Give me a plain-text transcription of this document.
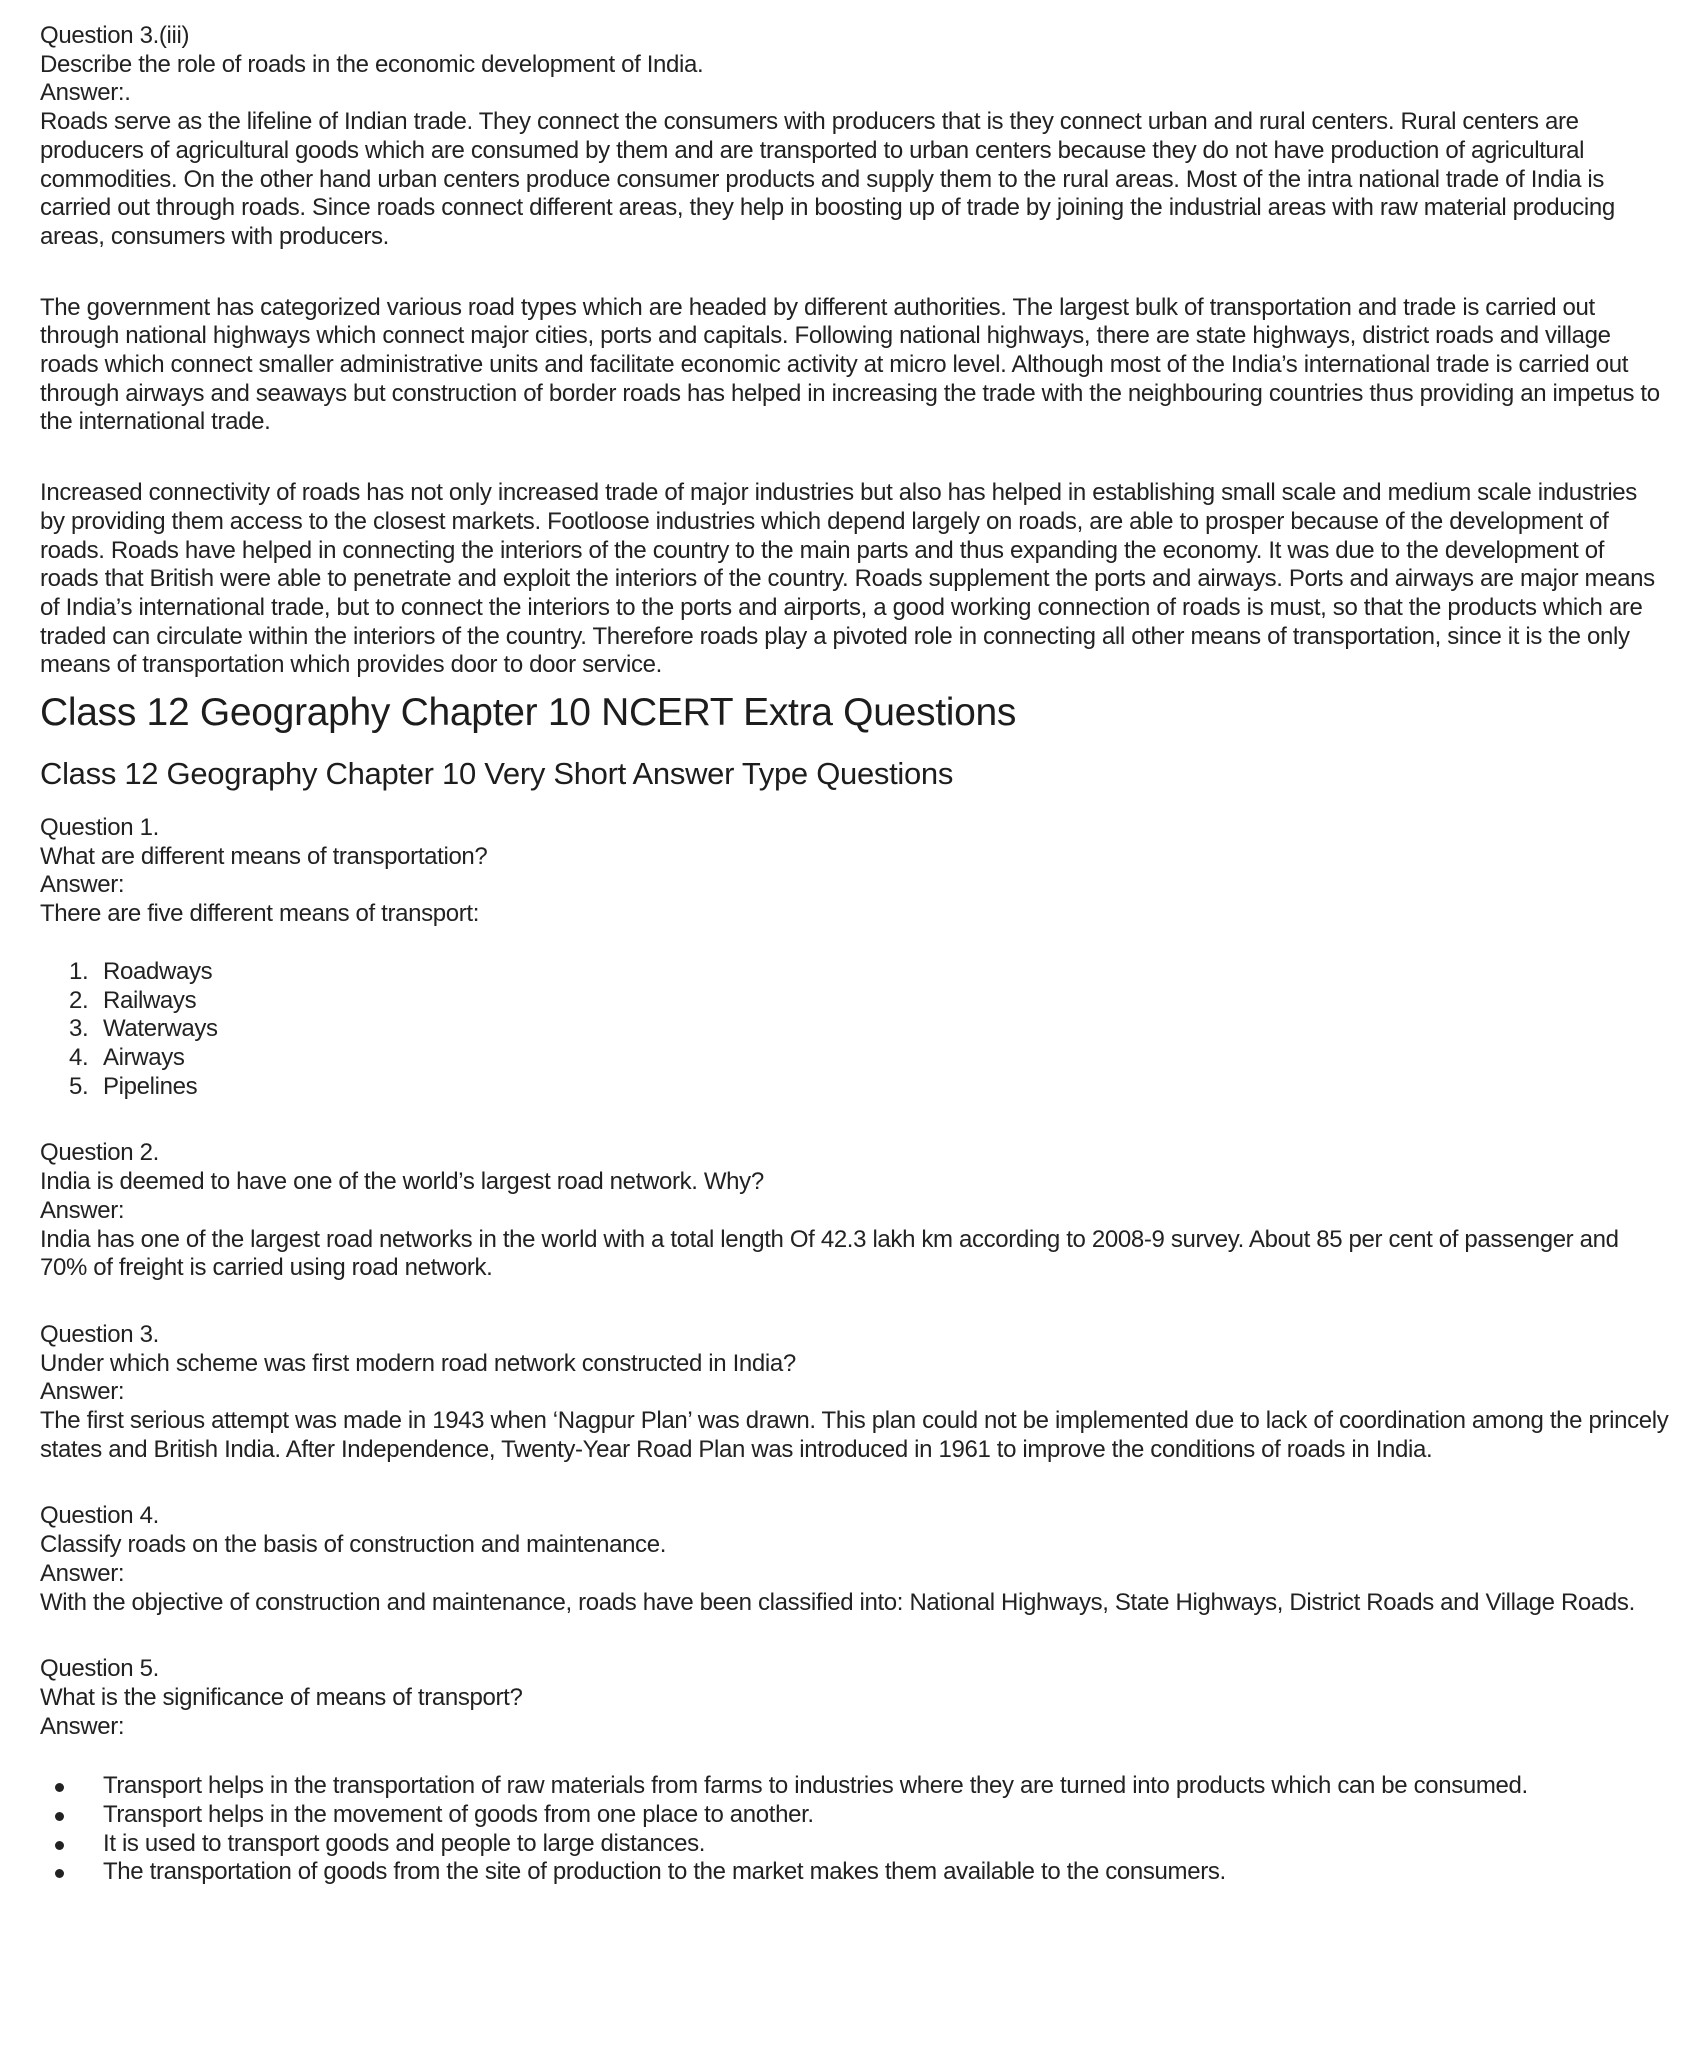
Question 3.(iii)
Describe the role of roads in the economic development of India.
Answer:.

Roads serve as the lifeline of Indian trade. They connect the consumers with producers that is they connect urban and rural centers. Rural centers are producers of agricultural goods which are consumed by them and are transported to urban centers because they do not have production of agricultural commodities. On the other hand urban centers produce consumer products and supply them to the rural areas. Most of the intra national trade of India is carried out through roads. Since roads connect different areas, they help in boosting up of trade by joining the industrial areas with raw material producing areas, consumers with producers.

The government has categorized various road types which are headed by different authorities. The largest bulk of transportation and trade is carried out through national highways which connect major cities, ports and capitals. Following national highways, there are state highways, district roads and village roads which connect smaller administrative units and facilitate economic activity at micro level. Although most of the India’s international trade is carried out through airways and seaways but construction of border roads has helped in increasing the trade with the neighbouring countries thus providing an impetus to the international trade.

Increased connectivity of roads has not only increased trade of major industries but also has helped in establishing small scale and medium scale industries by providing them access to the closest markets. Footloose industries which depend largely on roads, are able to prosper because of the development of roads. Roads have helped in connecting the interiors of the country to the main parts and thus expanding the economy. It was due to the development of roads that British were able to penetrate and exploit the interiors of the country. Roads supplement the ports and airways. Ports and airways are major means of India’s international trade, but to connect the interiors to the ports and airports, a good working connection of roads is must, so that the products which are traded can circulate within the interiors of the country. Therefore roads play a pivoted role in connecting all other means of transportation, since it is the only means of transportation which provides door to door service.

Class 12 Geography Chapter 10 NCERT Extra Questions
Class 12 Geography Chapter 10 Very Short Answer Type Questions
Question 1.
What are different means of transportation?
Answer:
There are five different means of transport:
1. Roadways
2. Railways
3. Waterways
4. Airways
5. Pipelines
Question 2.
India is deemed to have one of the world’s largest road network. Why?
Answer:

India has one of the largest road networks in the world with a total length Of 42.3 lakh km according to 2008-9 survey. About 85 per cent of passenger and 70% of freight is carried using road network.

Question 3.
Under which scheme was first modern road network constructed in India?
Answer:

The first serious attempt was made in 1943 when ‘Nagpur Plan’ was drawn. This plan could not be implemented due to lack of coordination among the princely states and British India. After Independence, Twenty-Year Road Plan was introduced in 1961 to improve the conditions of roads in India.

Question 4.
Classify roads on the basis of construction and maintenance.
Answer:

With the objective of construction and maintenance, roads have been classified into: National Highways, State Highways, District Roads and Village Roads.

Question 5.
What is the significance of means of transport?
Answer:
Transport helps in the transportation of raw materials from farms to industries where they are turned into products which can be consumed.
Transport helps in the movement of goods from one place to another.
It is used to transport goods and people to large distances.
The transportation of goods from the site of production to the market makes them available to the consumers.
